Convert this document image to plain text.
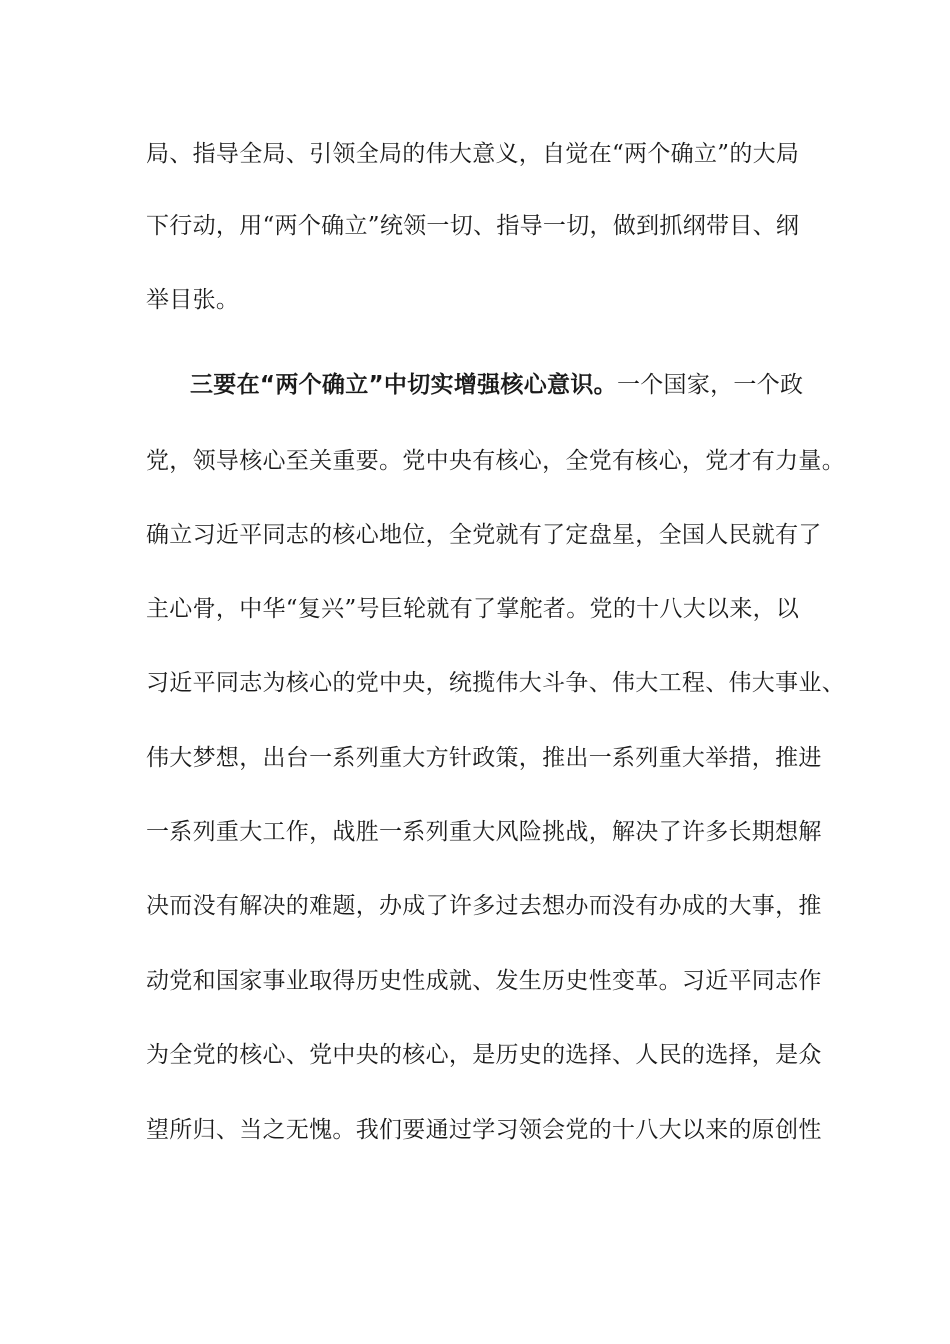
局、指导全局、引领全局的伟大意义，自觉在“两个确立”的大局
下行动，用“两个确立”统领一切、指导一切，做到抓纲带目、纲
举目张。
三要在“两个确立”中切实增强核心意识。一个国家，一个政
党，领导核心至关重要。党中央有核心，全党有核心，党才有力量。
确立习近平同志的核心地位，全党就有了定盘星，全国人民就有了
主心骨，中华“复兴”号巨轮就有了掌舵者。党的十八大以来，以
习近平同志为核心的党中央，统揽伟大斗争、伟大工程、伟大事业、
伟大梦想，出台一系列重大方针政策，推出一系列重大举措，推进
一系列重大工作，战胜一系列重大风险挑战，解决了许多长期想解
决而没有解决的难题，办成了许多过去想办而没有办成的大事，推
动党和国家事业取得历史性成就、发生历史性变革。习近平同志作
为全党的核心、党中央的核心，是历史的选择、人民的选择，是众
望所归、当之无愧。我们要通过学习领会党的十八大以来的原创性
